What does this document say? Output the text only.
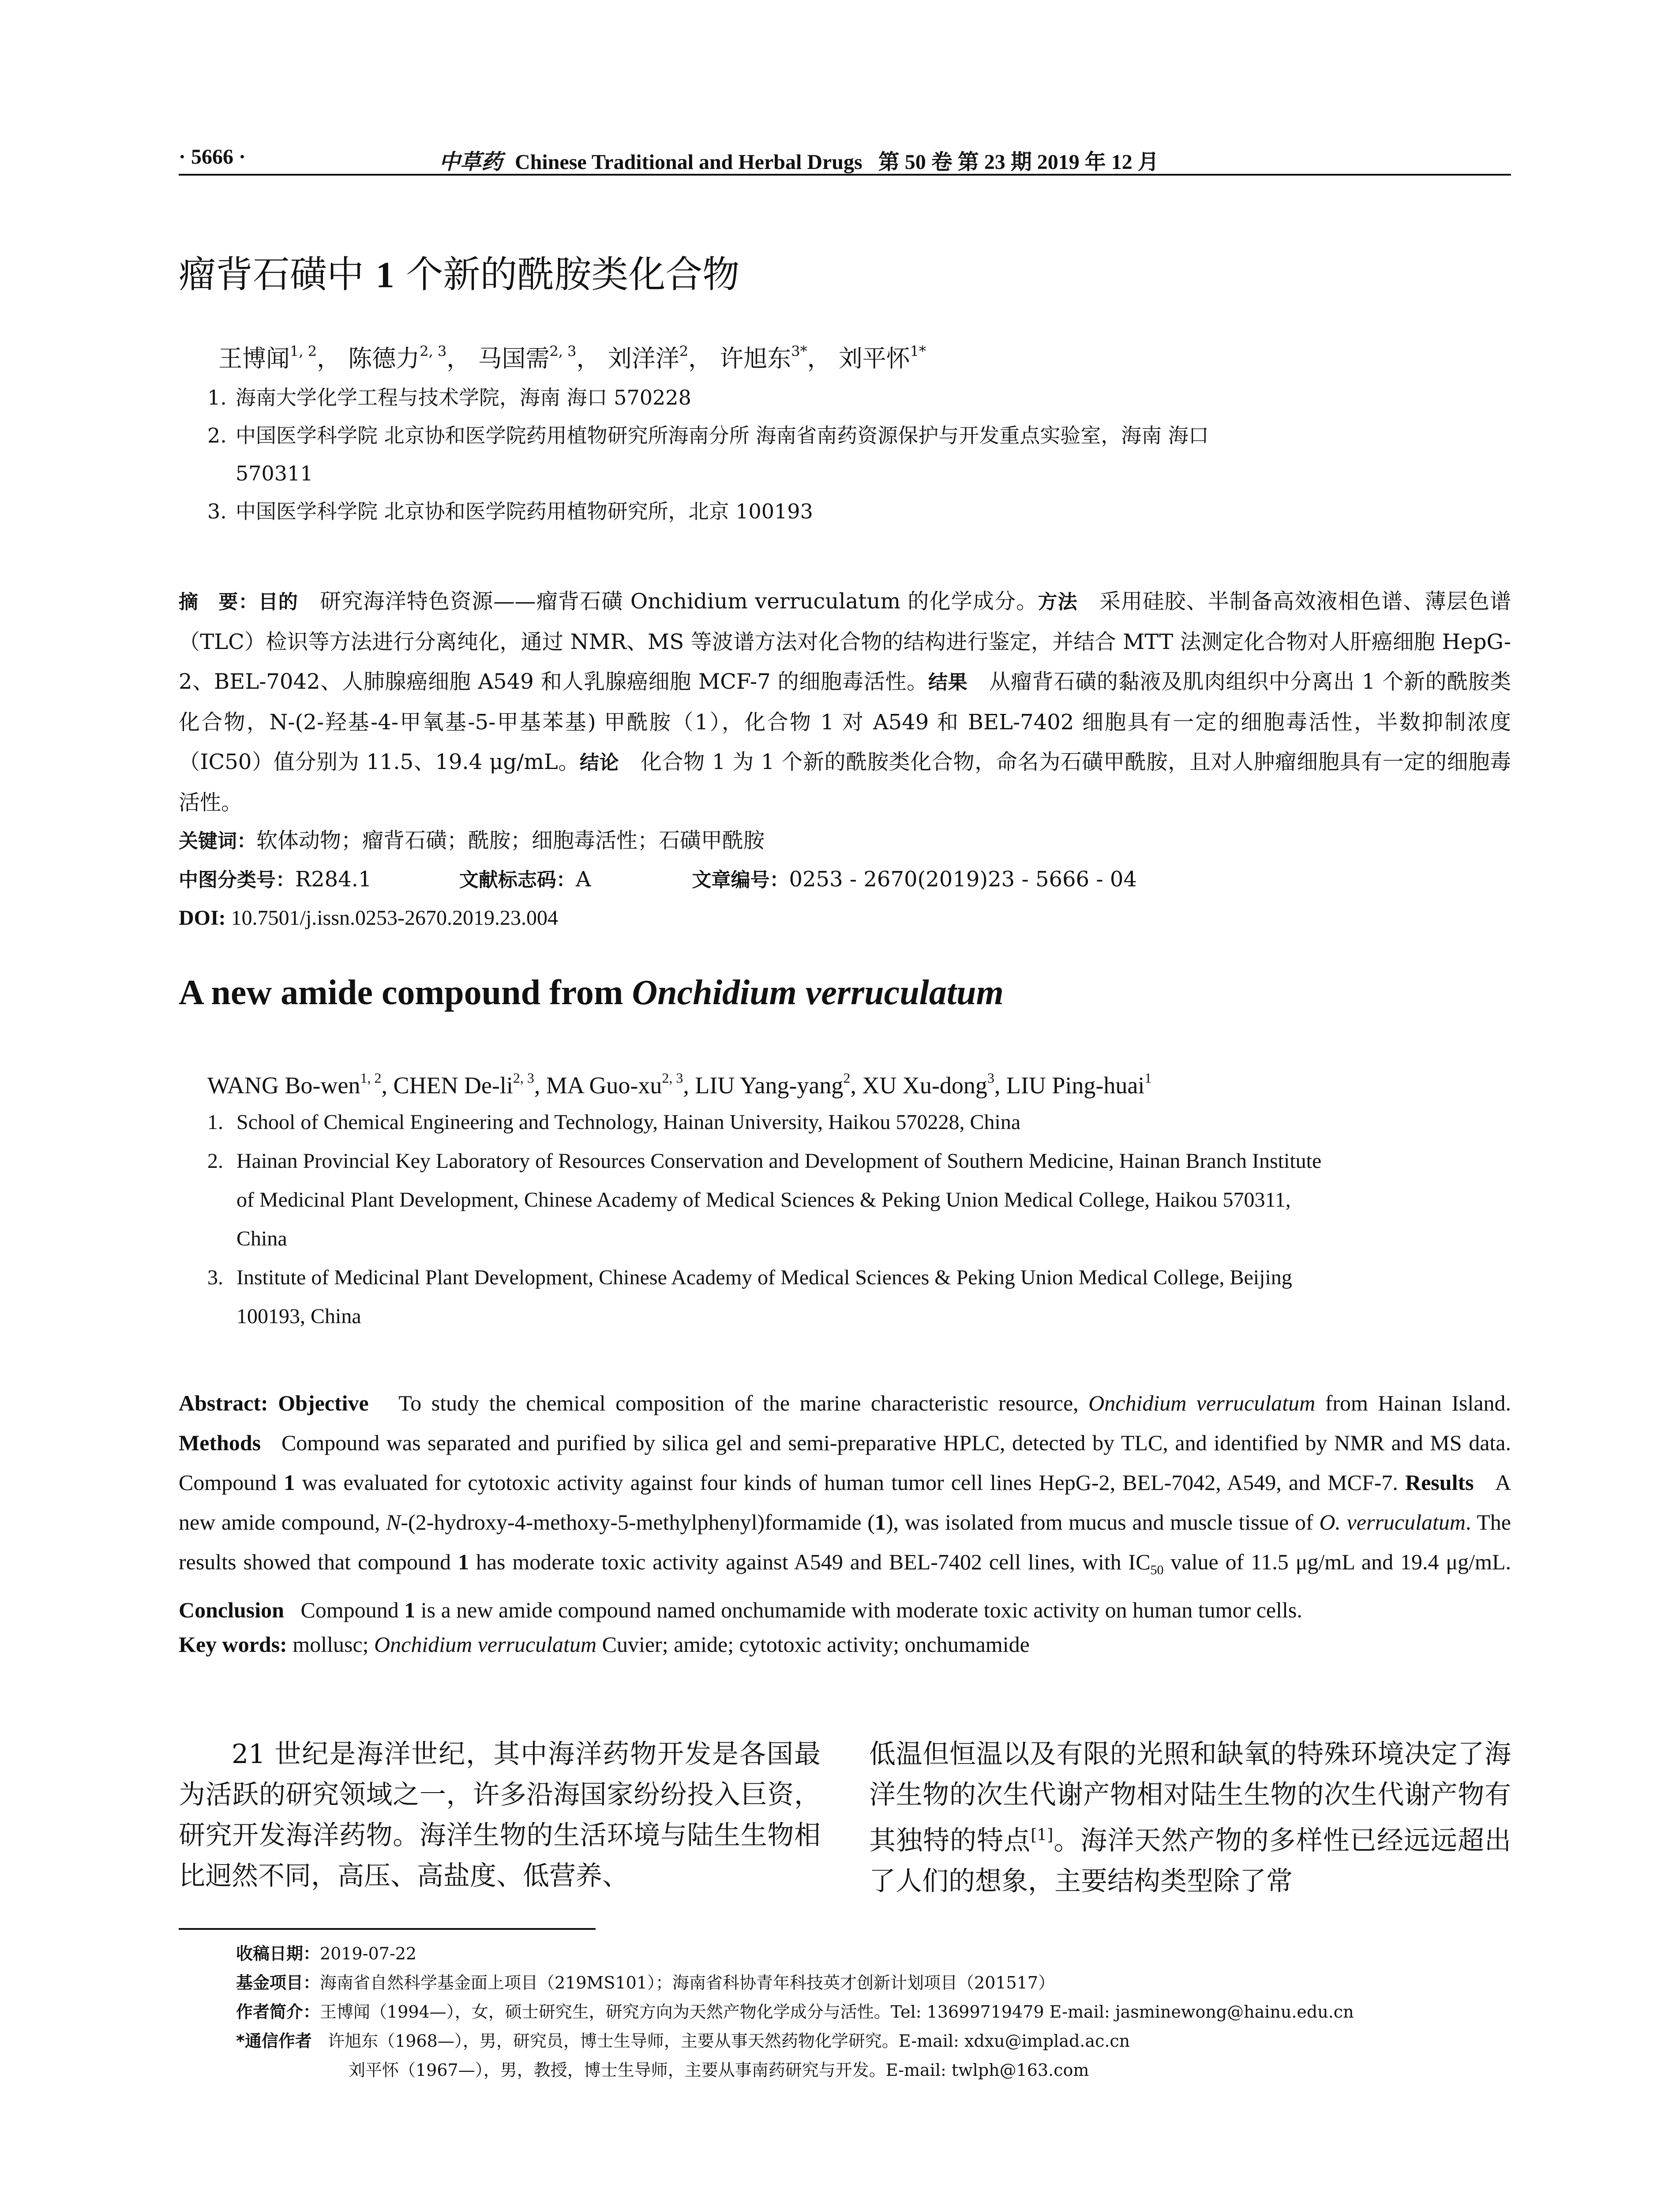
· 5666 ·	中草药 Chinese Traditional and Herbal Drugs 第 50 卷 第 23 期 2019 年 12 月
瘤背石磺中 1 个新的酰胺类化合物
王博闻$^{1, 2}$， 陈德力$^{2, 3}$， 马国需$^{2, 3}$， 刘洋洋$^2$， 许旭东$^{3*}$， 刘平怀$^{1*}$
1. 海南大学化学工程与技术学院，海南 海口 570228
2. 中国医学科学院 北京协和医学院药用植物研究所海南分所 海南省南药资源保护与开发重点实验室，海南 海口
570311
3. 中国医学科学院 北京协和医学院药用植物研究所，北京 100193
摘　要：目的　 研究海洋特色资源——瘤背石磺 Onchidium verruculatum 的化学成分。方法　 采用硅胶、半制备高效液相色谱、薄层色谱（TLC）检识等方法进行分离纯化，通过 NMR、MS 等波谱方法对化合物的结构进行鉴定，并结合 MTT 法测定化合物对人肝癌细胞 HepG-2、BEL-7042、人肺腺癌细胞 A549 和人乳腺癌细胞 MCF-7 的细胞毒活性。结果　 从瘤背石磺的黏液及肌肉组织中分离出 1 个新的酰胺类化合物，N-(2-羟基-4-甲氧基-5-甲基苯基) 甲酰胺（1），化合物 1 对 A549 和 BEL-7402 细胞具有一定的细胞毒活性，半数抑制浓度（IC50）值分别为 11.5、19.4 μg/mL。结论　 化合物 1 为 1 个新的酰胺类化合物，命名为石磺甲酰胺，且对人肿瘤细胞具有一定的细胞毒活性。
关键词：软体动物；瘤背石磺；酰胺；细胞毒活性；石磺甲酰胺
中图分类号：R284.1	文献标志码：A	文章编号：0253 - 2670(2019)23 - 5666 - 04
DOI: 10.7501/j.issn.0253-2670.2019.23.004
A new amide compound from Onchidium verruculatum
WANG Bo-wen$^{1, 2}$, CHEN De-li$^{2, 3}$, MA Guo-xu$^{2, 3}$, LIU Yang-yang$^2$, XU Xu-dong$^3$, LIU Ping-huai$^1$
1. School of Chemical Engineering and Technology, Hainan University, Haikou 570228, China
2. Hainan Provincial Key Laboratory of Resources Conservation and Development of Southern Medicine, Hainan Branch Institute
of Medicinal Plant Development, Chinese Academy of Medical Sciences & Peking Union Medical College, Haikou 570311,
China
3. Institute of Medicinal Plant Development, Chinese Academy of Medical Sciences & Peking Union Medical College, Beijing
100193, China
Abstract: Objective To study the chemical composition of the marine characteristic resource, Onchidium verruculatum from Hainan Island. Methods Compound was separated and purified by silica gel and semi-preparative HPLC, detected by TLC, and identified by NMR and MS data. Compound 1 was evaluated for cytotoxic activity against four kinds of human tumor cell lines HepG-2, BEL-7042, A549, and MCF-7. Results A new amide compound, N-(2-hydroxy-4-methoxy-5-methylphenyl)formamide (1), was isolated from mucus and muscle tissue of O. verruculatum. The results showed that compound 1 has moderate toxic activity against A549 and BEL-7402 cell lines, with $IC_{50}$ value of 11.5 μg/mL and 19.4 μg/mL. Conclusion Compound 1 is a new amide compound named onchumamide with moderate toxic activity on human tumor cells.
Key words: mollusc; Onchidium verruculatum Cuvier; amide; cytotoxic activity; onchumamide
21 世纪是海洋世纪，其中海洋药物开发是各国最为活跃的研究领域之一，许多沿海国家纷纷投入巨资，研究开发海洋药物。海洋生物的生活环境与陆生生物相比迥然不同，高压、高盐度、低营养、
低温但恒温以及有限的光照和缺氧的特殊环境决定了海洋生物的次生代谢产物相对陆生生物的次生代谢产物有其独特的特点[1]。海洋天然产物的多样性已经远远超出了人们的想象，主要结构类型除了常
收稿日期：2019-07-22
基金项目：海南省自然科学基金面上项目（219MS101）；海南省科协青年科技英才创新计划项目（201517）
作者简介：王博闻（1994—），女，硕士研究生，研究方向为天然产物化学成分与活性。Tel: 13699719479 E-mail: jasminewong@hainu.edu.cn
*通信作者 许旭东（1968—），男，研究员，博士生导师，主要从事天然药物化学研究。E-mail: xdxu@implad.ac.cn
刘平怀（1967—），男，教授，博士生导师，主要从事南药研究与开发。E-mail: twlph@163.com
